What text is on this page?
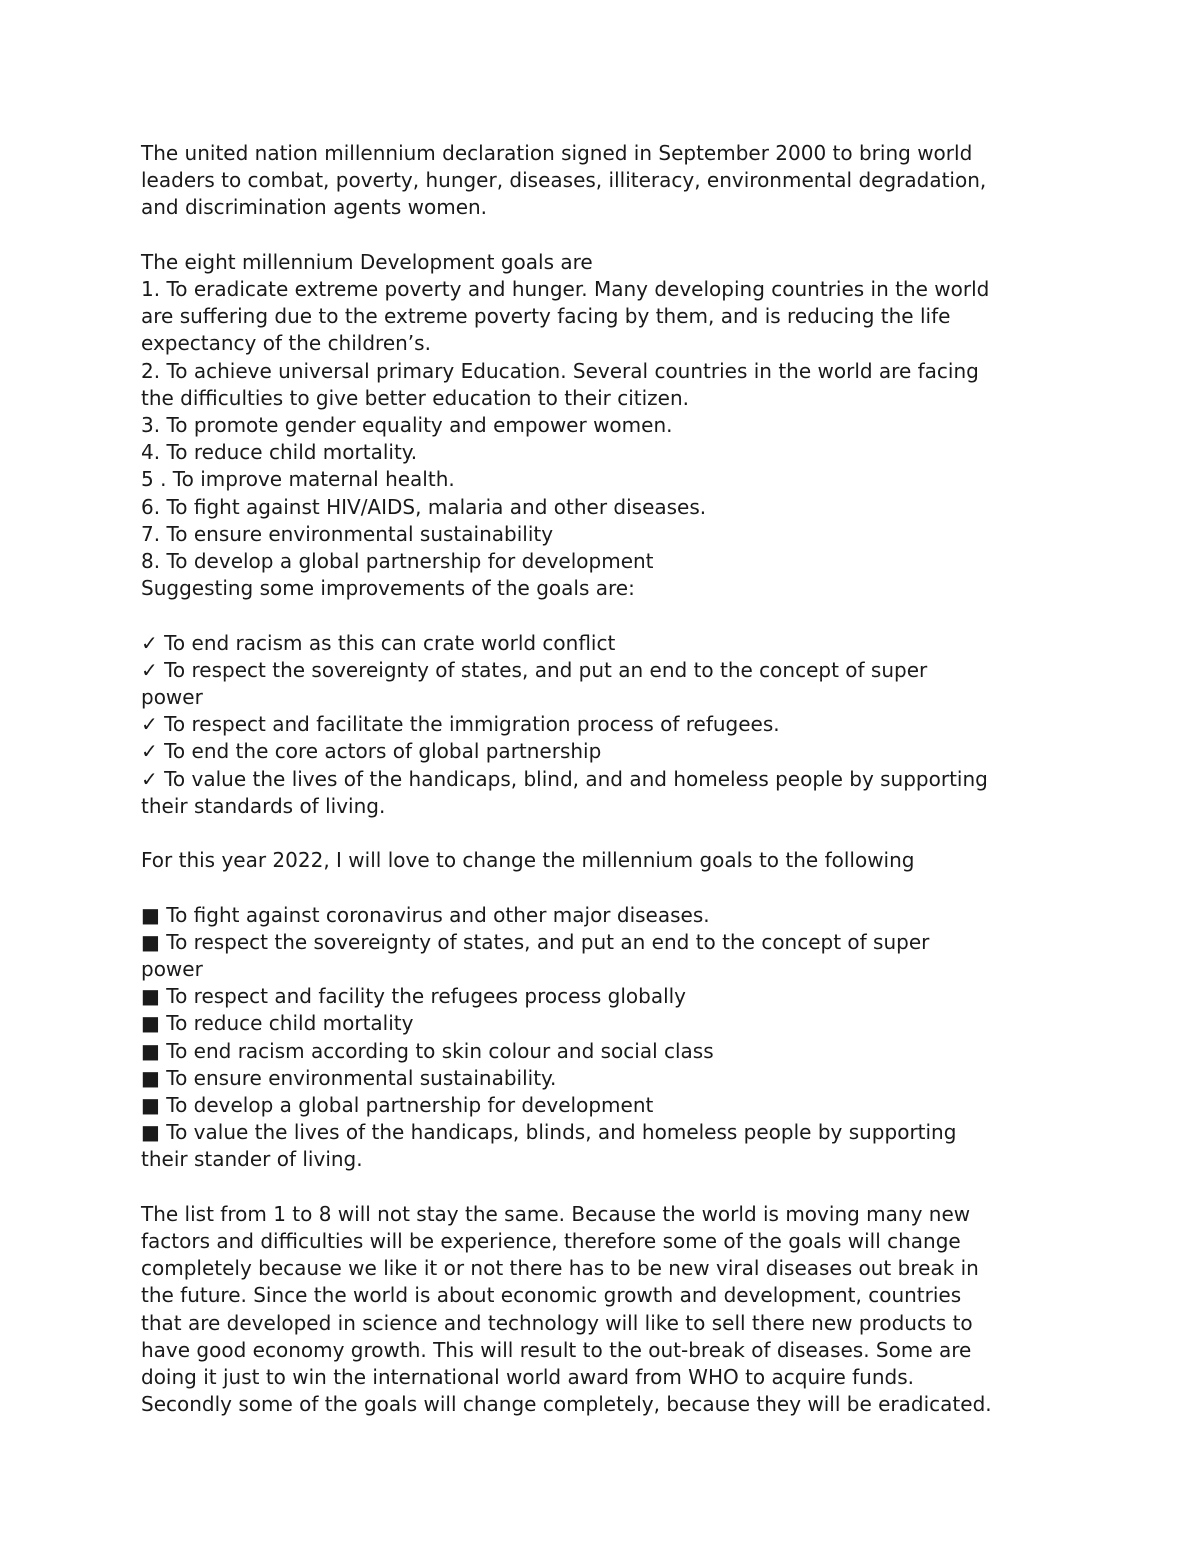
The united nation millennium declaration signed in September 2000 to bring world
leaders to combat, poverty, hunger, diseases, illiteracy, environmental degradation,
and discrimination agents women.

The eight millennium Development goals are
1. To eradicate extreme poverty and hunger. Many developing countries in the world
are suffering due to the extreme poverty facing by them, and is reducing the life
expectancy of the children’s.
2. To achieve universal primary Education. Several countries in the world are facing
the difficulties to give better education to their citizen.
3. To promote gender equality and empower women.
4. To reduce child mortality.
5 . To improve maternal health.
6. To fight against HIV/AIDS, malaria and other diseases.
7. To ensure environmental sustainability
8. To develop a global partnership for development
Suggesting some improvements of the goals are:

✓ To end racism as this can crate world conflict
✓ To respect the sovereignty of states, and put an end to the concept of super
power
✓ To respect and facilitate the immigration process of refugees.
✓ To end the core actors of global partnership
✓ To value the lives of the handicaps, blind, and and homeless people by supporting
their standards of living.

For this year 2022, I will love to change the millennium goals to the following

■ To fight against coronavirus and other major diseases.
■ To respect the sovereignty of states, and put an end to the concept of super
power
■ To respect and facility the refugees process globally
■ To reduce child mortality
■ To end racism according to skin colour and social class
■ To ensure environmental sustainability.
■ To develop a global partnership for development
■ To value the lives of the handicaps, blinds, and homeless people by supporting
their stander of living.

The list from 1 to 8 will not stay the same. Because the world is moving many new
factors and difficulties will be experience, therefore some of the goals will change
completely because we like it or not there has to be new viral diseases out break in
the future. Since the world is about economic growth and development, countries
that are developed in science and technology will like to sell there new products to
have good economy growth. This will result to the out-break of diseases. Some are
doing it just to win the international world award from WHO to acquire funds.
Secondly some of the goals will change completely, because they will be eradicated.
